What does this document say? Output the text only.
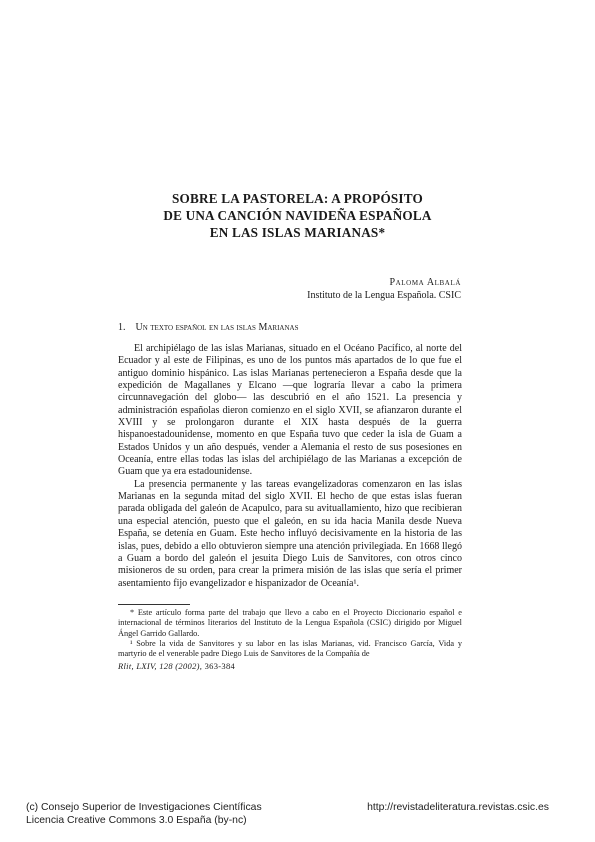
SOBRE LA PASTORELA: A PROPÓSITO
DE UNA CANCIÓN NAVIDEÑA ESPAÑOLA
EN LAS ISLAS MARIANAS*
Paloma Albalá
Instituto de la Lengua Española. CSIC
1. Un texto español en las islas Marianas

El archipiélago de las islas Marianas, situado en el Océano Pacífico, al norte del Ecuador y al este de Filipinas, es uno de los puntos más apartados de lo que fue el antiguo dominio hispánico. Las islas Marianas pertenecieron a España desde que la expedición de Magallanes y Elcano —que lograría llevar a cabo la primera circunnavegación del globo— las descubrió en el año 1521. La presencia y administración españolas dieron comienzo en el siglo XVII, se afianzaron durante el XVIII y se prolongaron durante el XIX hasta después de la guerra hispanoestadounidense, momento en que España tuvo que ceder la isla de Guam a Estados Unidos y un año después, vender a Alemania el resto de sus posesiones en Oceanía, entre ellas todas las islas del archipiélago de las Marianas a excepción de Guam que ya era estadounidense.

La presencia permanente y las tareas evangelizadoras comenzaron en las islas Marianas en la segunda mitad del siglo XVII. El hecho de que estas islas fueran parada obligada del galeón de Acapulco, para su avituallamiento, hizo que recibieran una especial atención, puesto que el galeón, en su ida hacia Manila desde Nueva España, se detenía en Guam. Este hecho influyó decisivamente en la historia de las islas, pues, debido a ello obtuvieron siempre una atención privilegiada. En 1668 llegó a Guam a bordo del galeón el jesuita Diego Luis de Sanvitores, con otros cinco misioneros de su orden, para crear la primera misión de las islas que sería el primer asentamiento fijo evangelizador e hispanizador de Oceanía¹.

* Este artículo forma parte del trabajo que llevo a cabo en el Proyecto Diccionario español e internacional de términos literarios del Instituto de la Lengua Española (CSIC) dirigido por Miguel Ángel Garrido Gallardo.

¹ Sobre la vida de Sanvitores y su labor en las islas Marianas, vid. Francisco García, Vida y martyrio de el venerable padre Diego Luis de Sanvitores de la Compañía de

Rlit, LXIV, 128 (2002), 363-384
(c) Consejo Superior de Investigaciones Científicas
Licencia Creative Commons 3.0 España (by-nc)
http://revistadeliteratura.revistas.csic.es
